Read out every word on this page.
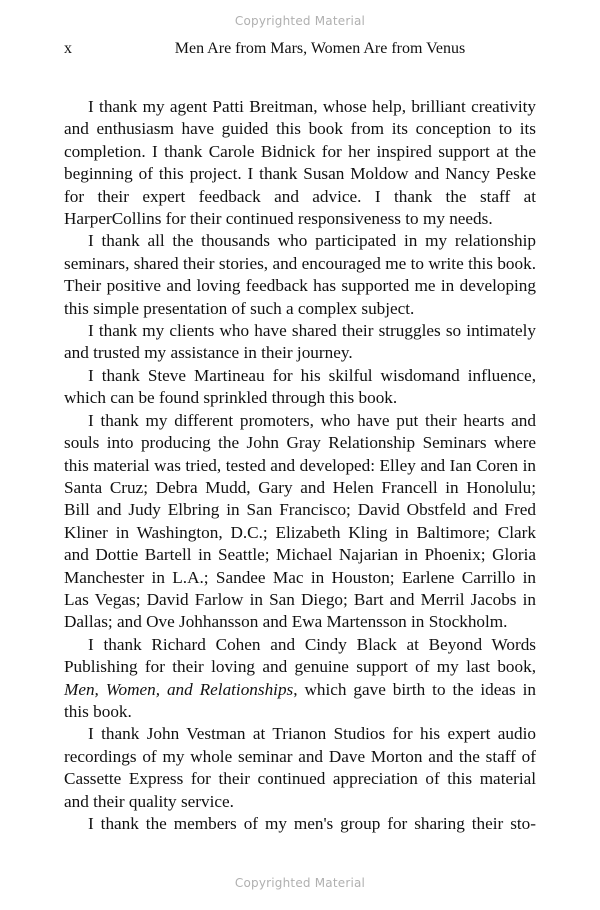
Copyrighted Material
x	Men Are from Mars, Women Are from Venus

I thank my agent Patti Breitman, whose help, brilliant creativity and enthusiasm have guided this book from its conception to its completion. I thank Carole Bidnick for her inspired support at the beginning of this project. I thank Susan Moldow and Nancy Peske for their expert feedback and advice. I thank the staff at HarperCollins for their continued responsiveness to my needs.

I thank all the thousands who participated in my relationship seminars, shared their stories, and encouraged me to write this book. Their positive and loving feedback has supported me in developing this simple presentation of such a complex subject.

I thank my clients who have shared their struggles so intimately and trusted my assistance in their journey.

I thank Steve Martineau for his skilful wisdomand influence, which can be found sprinkled through this book.

I thank my different promoters, who have put their hearts and souls into producing the John Gray Relationship Seminars where this material was tried, tested and developed: Elley and Ian Coren in Santa Cruz; Debra Mudd, Gary and Helen Francell in Honolulu; Bill and Judy Elbring in San Francisco; David Obstfeld and Fred Kliner in Washington, D.C.; Elizabeth Kling in Baltimore; Clark and Dottie Bartell in Seattle; Michael Najarian in Phoenix; Gloria Manchester in L.A.; Sandee Mac in Houston; Earlene Carrillo in Las Vegas; David Farlow in San Diego; Bart and Merril Jacobs in Dallas; and Ove Johhansson and Ewa Martensson in Stockholm.

I thank Richard Cohen and Cindy Black at Beyond Words Publishing for their loving and genuine support of my last book, Men, Women, and Relationships, which gave birth to the ideas in this book.

I thank John Vestman at Trianon Studios for his expert audio recordings of my whole seminar and Dave Morton and the staff of Cassette Express for their continued appreciation of this material and their quality service.

I thank the members of my men's group for sharing their sto-

Copyrighted Material
